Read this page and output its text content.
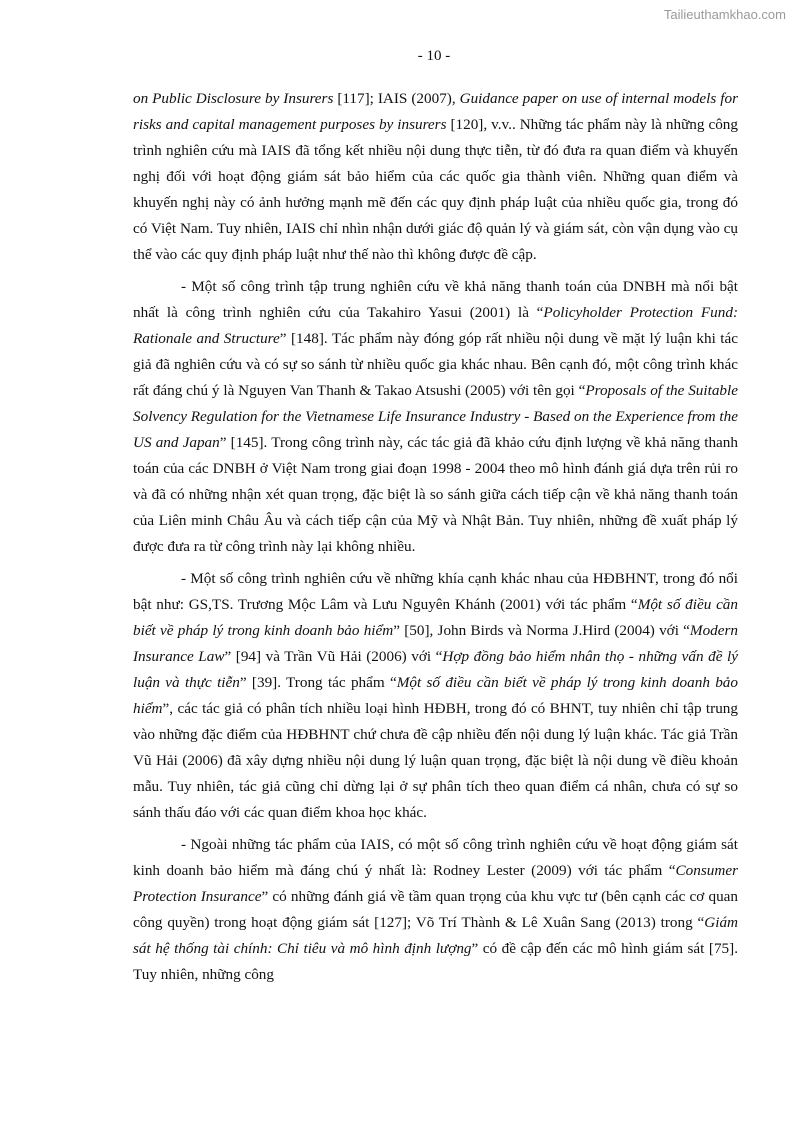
Tailieuthamkhao.com
- 10 -

on Public Disclosure by Insurers [117]; IAIS (2007), Guidance paper on use of internal models for risks and capital management purposes by insurers [120], v.v.. Những tác phẩm này là những công trình nghiên cứu mà IAIS đã tổng kết nhiều nội dung thực tiễn, từ đó đưa ra quan điểm và khuyến nghị đối với hoạt động giám sát bảo hiểm của các quốc gia thành viên. Những quan điểm và khuyến nghị này có ảnh hưởng mạnh mẽ đến các quy định pháp luật của nhiều quốc gia, trong đó có Việt Nam. Tuy nhiên, IAIS chỉ nhìn nhận dưới giác độ quản lý và giám sát, còn vận dụng vào cụ thể vào các quy định pháp luật như thế nào thì không được đề cập.

- Một số công trình tập trung nghiên cứu về khả năng thanh toán của DNBH mà nổi bật nhất là công trình nghiên cứu của Takahiro Yasui (2001) là “Policyholder Protection Fund: Rationale and Structure” [148]. Tác phẩm này đóng góp rất nhiều nội dung về mặt lý luận khi tác giả đã nghiên cứu và có sự so sánh từ nhiều quốc gia khác nhau. Bên cạnh đó, một công trình khác rất đáng chú ý là Nguyen Van Thanh & Takao Atsushi (2005) với tên gọi “Proposals of the Suitable Solvency Regulation for the Vietnamese Life Insurance Industry - Based on the Experience from the US and Japan” [145]. Trong công trình này, các tác giả đã khảo cứu định lượng về khả năng thanh toán của các DNBH ở Việt Nam trong giai đoạn 1998 - 2004 theo mô hình đánh giá dựa trên rủi ro và đã có những nhận xét quan trọng, đặc biệt là so sánh giữa cách tiếp cận về khả năng thanh toán của Liên minh Châu Âu và cách tiếp cận của Mỹ và Nhật Bản. Tuy nhiên, những đề xuất pháp lý được đưa ra từ công trình này lại không nhiều.

- Một số công trình nghiên cứu về những khía cạnh khác nhau của HĐBHNT, trong đó nổi bật như: GS,TS. Trương Mộc Lâm và Lưu Nguyên Khánh (2001) với tác phẩm “Một số điều cần biết về pháp lý trong kinh doanh bảo hiểm” [50], John Birds và Norma J.Hird (2004) với “Modern Insurance Law” [94] và Trần Vũ Hải (2006) với “Hợp đồng bảo hiểm nhân thọ - những vấn đề lý luận và thực tiễn” [39]. Trong tác phẩm “Một số điều cần biết về pháp lý trong kinh doanh bảo hiểm”, các tác giả có phân tích nhiều loại hình HĐBH, trong đó có BHNT, tuy nhiên chỉ tập trung vào những đặc điểm của HĐBHNT chứ chưa đề cập nhiều đến nội dung lý luận khác. Tác giả Trần Vũ Hải (2006) đã xây dựng nhiều nội dung lý luận quan trọng, đặc biệt là nội dung về điều khoản mẫu. Tuy nhiên, tác giả cũng chỉ dừng lại ở sự phân tích theo quan điểm cá nhân, chưa có sự so sánh thấu đáo với các quan điểm khoa học khác.

- Ngoài những tác phẩm của IAIS, có một số công trình nghiên cứu về hoạt động giám sát kinh doanh bảo hiểm mà đáng chú ý nhất là: Rodney Lester (2009) với tác phẩm “Consumer Protection Insurance” có những đánh giá về tầm quan trọng của khu vực tư (bên cạnh các cơ quan công quyền) trong hoạt động giám sát [127]; Võ Trí Thành & Lê Xuân Sang (2013) trong “Giám sát hệ thống tài chính: Chỉ tiêu và mô hình định lượng” có đề cập đến các mô hình giám sát [75]. Tuy nhiên, những công
